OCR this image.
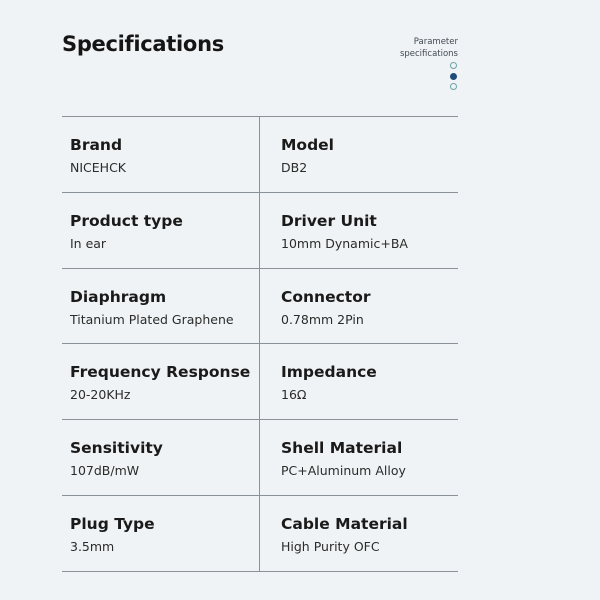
Specifications	Parameter
specifications
Brand
NICEHCK
Model
DB2
Product type
In ear
Driver Unit
10mm Dynamic+BA
Diaphragm
Titanium Plated Graphene
Connector
0.78mm 2Pin
Frequency Response
20-20KHz
Impedance
16Ω
Sensitivity
107dB/mW
Shell Material
PC+Aluminum Alloy
Plug Type
3.5mm
Cable Material
High Purity OFC
